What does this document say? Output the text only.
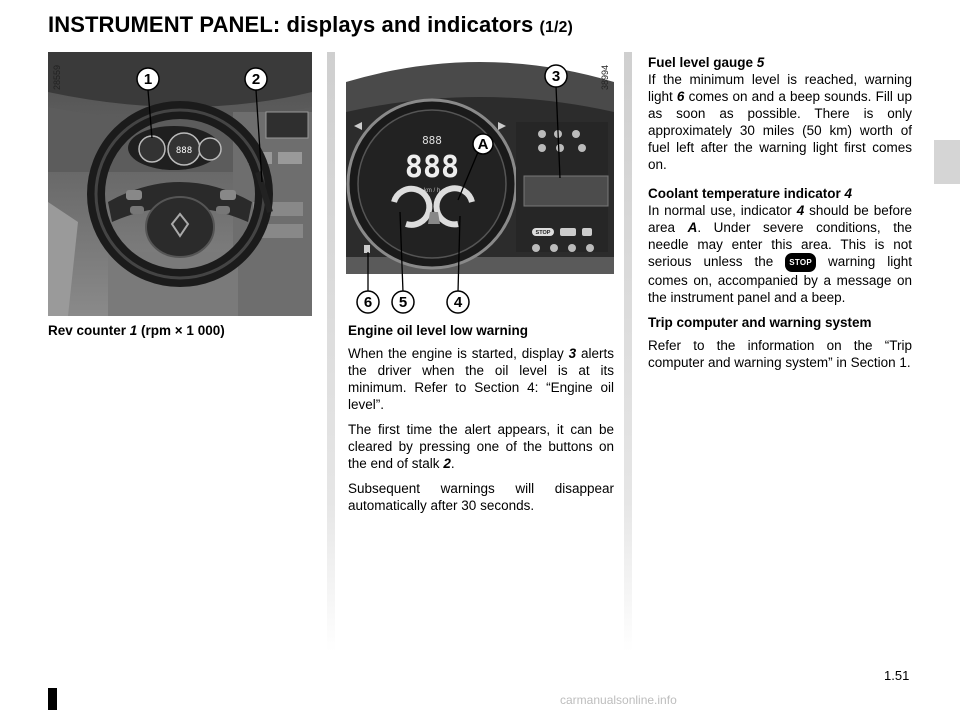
INSTRUMENT PANEL: displays and indicators (1/2)
888
1	2
28559
888
888
km / h
STOP
3
A
6 5	4
38994
Rev counter 1 (rpm × 1 000)	Engine oil level low warning

When the engine is started, display 3 alerts the driver when the oil level is at its minimum. Refer to Section 4: “Engine oil level”.

The first time the alert appears, it can be cleared by pressing one of the buttons on the end of stalk 2.

Subsequent warnings will disappear automatically after 30 seconds.

Fuel level gauge 5

If the minimum level is reached, warning light 6 comes on and a beep sounds. Fill up as soon as possible. There is only approximately 30 miles (50 km) worth of fuel left after the warning light first comes on.

Coolant temperature indicator 4

In normal use, indicator 4 should be before area A. Under severe conditions, the needle may enter this area. This is not serious unless the STOP warning light comes on, accompanied by a message on the instrument panel and a beep.

Trip computer and warning system

Refer to the information on the “Trip computer and warning system” in Section 1.

1.51
carmanualsonline.info
